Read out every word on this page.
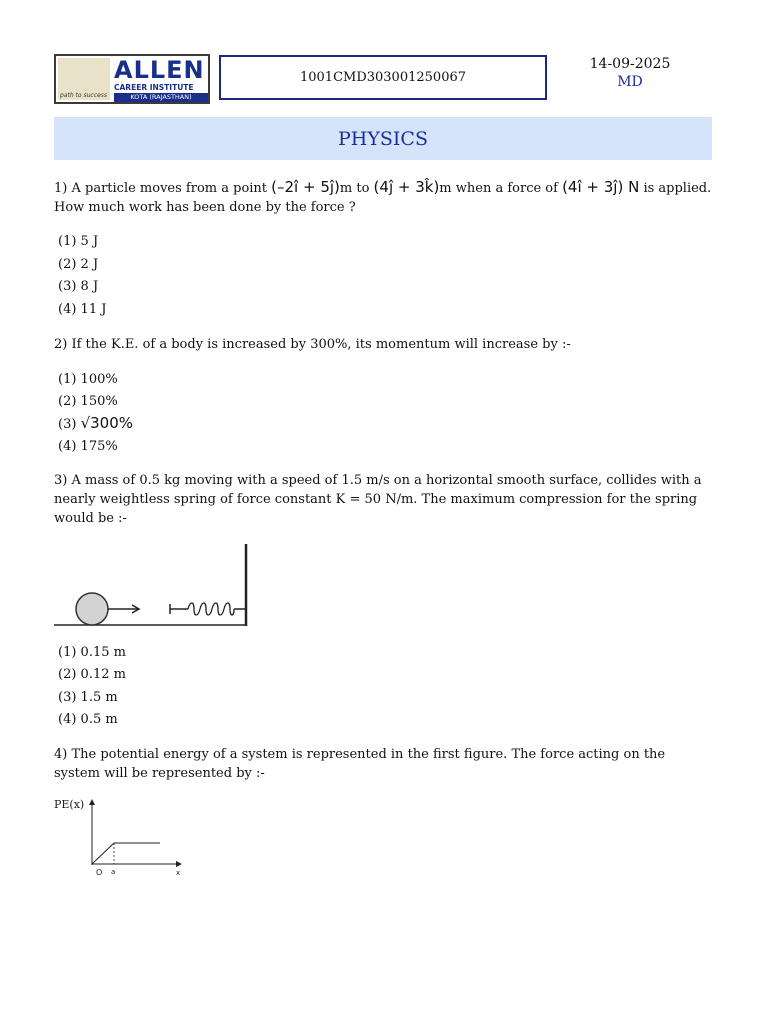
path to success
ALLEN
CAREER INSTITUTE
KOTA (RAJASTHAN)
1001CMD303001250067
14-09-2025
MD
PHYSICS
1) A particle moves from a point (–2î + 5ĵ)m to (4ĵ + 3k̂)m when a force of (4î + 3ĵ) N is applied. How much work has been done by the force ?
(1) 5 J
(2) 2 J
(3) 8 J
(4) 11 J
2) If the K.E. of a body is increased by 300%, its momentum will increase by :-
(1) 100%
(2) 150%
(3) √300%
(4) 175%
3) A mass of 0.5 kg moving with a speed of 1.5 m/s on a horizontal smooth surface, collides with a nearly weightless spring of force constant K = 50 N/m. The maximum compression for the spring would be :-
(1) 0.15 m
(2) 0.12 m
(3) 1.5 m
(4) 0.5 m
4) The potential energy of a system is represented in the first figure. The force acting on the system will be represented by :-
PE(x)
O a	x
